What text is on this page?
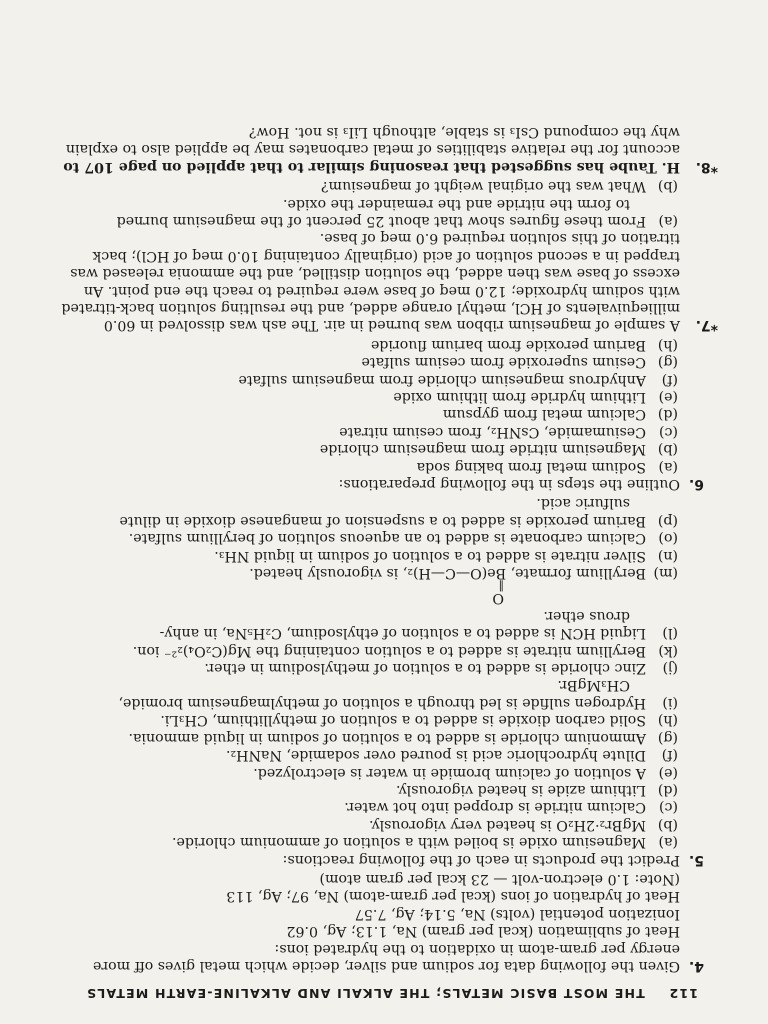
112 THE MOST BASIC METALS; THE ALKALI AND ALKALINE-EARTH METALS
4.
Given the following data for sodium and silver, decide which metal gives off more energy per gram-atom in oxidation to the hydrated ions:
Heat of sublimation (kcal per gram) Na, 1.13; Ag, 0.62
Ionization potential (volts) Na, 5.14; Ag, 7.57
Heat of hydration of ions (kcal per gram-atom) Na, 97; Ag, 113
(Note: 1.0 electron-volt — 23 kcal per gram atom)
5.
Predict the products in each of the following reactions:
(a)
Magnesium oxide is boiled with a solution of ammonium chloride.
(b)
MgBr₂·2H₂O is heated very vigorously.
(c)
Calcium nitride is dropped into hot water.
(d)
Lithium azide is heated vigorously.
(e)
A solution of calcium bromide in water is electrolyzed.
(f)
Dilute hydrochloric acid is poured over sodamide, NaNH₂.
(g)
Ammonium chloride is added to a solution of sodium in liquid ammonia.
(h)
Solid carbon dioxide is added to a solution of methyllithium, CH₃Li.
(i)
Hydrogen sulfide is led through a solution of methylmagnesium bromide,
CH₃MgBr.
(j)
Zinc chloride is added to a solution of methylsodium in ether.
(k)
Beryllium nitrate is added to a solution containing the Mg(C₂O₄)₂²⁻ ion.
(l)
Liquid HCN is added to a solution of ethylsodium, C₂H₅Na, in anhy-
drous ether.
O
‖
(m)
Beryllium formate, Be(O—C—H)₂, is vigorously heated.
(n)
Silver nitrate is added to a solution of sodium in liquid NH₃.
(o)
Calcium carbonate is added to an aqueous solution of beryllium sulfate.
(p)
Barium peroxide is added to a suspension of manganese dioxide in dilute
sulfuric acid.
6.
Outline the steps in the following preparations:
(a)
Sodium metal from baking soda
(b)
Magnesium nitride from magnesium chloride
(c)
Cesiumamide, CsNH₂, from cesium nitrate
(d)
Calcium metal from gypsum
(e)
Lithium hydride from lithium oxide
(f)
Anhydrous magnesium chloride from magnesium sulfate
(g)
Cesium superoxide from cesium sulfate
(h)
Barium peroxide from barium fluoride
*7.
A sample of magnesium ribbon was burned in air. The ash was dissolved in 60.0 milliequivalents of HCl, methyl orange added, and the resulting solution back-titrated with sodium hydroxide; 12.0 meq of base were required to reach the end point. An excess of base was then added, the solution distilled, and the ammonia released was trapped in a second solution of acid (originally containing 10.0 meq of HCl); back titration of this solution required 6.0 meq of base.
(a)
From these figures show that about 25 percent of the magnesium burned
to form the nitride and the remainder the oxide.
(b)
What was the original weight of magnesium?
*8.
H. Taube has suggested that reasoning similar to that applied on page 107 to account for the relative stabilities of metal carbonates may be applied also to explain why the compound CsI₃ is stable, although LiI₃ is not. How?
